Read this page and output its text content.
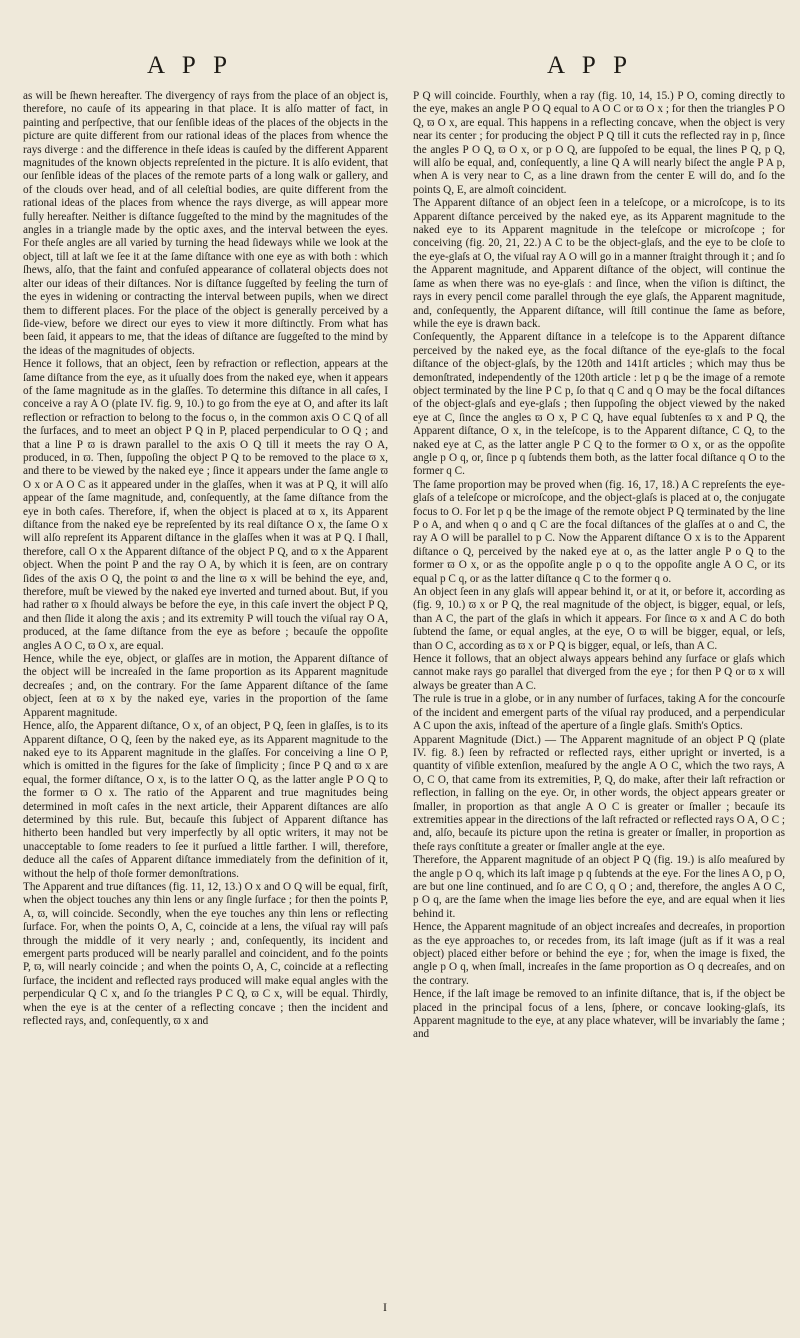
A P P	A P P

as will be ſhewn hereafter. The divergency of rays from the place of an object is, therefore, no cauſe of its appearing in that place. It is alſo matter of fact, in painting and perſpective, that our ſenſible ideas of the places of the objects in the picture are quite different from our rational ideas of the places from whence the rays diverge : and the difference in theſe ideas is cauſed by the different Apparent magnitudes of the known objects repreſented in the picture. It is alſo evident, that our ſenſible ideas of the places of the remote parts of a long walk or gallery, and of the clouds over head, and of all celeſtial bodies, are quite different from the rational ideas of the places from whence the rays diverge, as will appear more fully hereafter. Neither is diſtance ſuggeſted to the mind by the magnitudes of the angles in a triangle made by the optic axes, and the interval between the eyes. For theſe angles are all varied by turning the head ſideways while we look at the object, till at laſt we ſee it at the ſame diſtance with one eye as with both : which ſhews, alſo, that the faint and confuſed appearance of collateral objects does not alter our ideas of their diſtances. Nor is diſtance ſuggeſted by feeling the turn of the eyes in widening or contracting the interval between pupils, when we direct them to different places. For the place of the object is generally perceived by a ſide-view, before we direct our eyes to view it more diſtinctly. From what has been ſaid, it appears to me, that the ideas of diſtance are ſuggeſted to the mind by the ideas of the magnitudes of objects.

Hence it follows, that an object, ſeen by refraction or reflection, appears at the ſame diſtance from the eye, as it uſually does from the naked eye, when it appears of the ſame magnitude as in the glaſſes. To determine this diſtance in all caſes, I conceive a ray A O (plate IV. fig. 9, 10.) to go from the eye at O, and after its laſt reflection or refraction to belong to the focus o, in the common axis O C Q of all the ſurfaces, and to meet an object P Q in P, placed perpendicular to O Q ; and that a line P ϖ is drawn parallel to the axis O Q till it meets the ray O A, produced, in ϖ. Then, ſuppoſing the object P Q to be removed to the place ϖ x, and there to be viewed by the naked eye ; ſince it appears under the ſame angle ϖ O x or A O C as it appeared under in the glaſſes, when it was at P Q, it will alſo appear of the ſame magnitude, and, conſequently, at the ſame diſtance from the eye in both caſes. Therefore, if, when the object is placed at ϖ x, its Apparent diſtance from the naked eye be repreſented by its real diſtance O x, the ſame O x will alſo repreſent its Apparent diſtance in the glaſſes when it was at P Q. I ſhall, therefore, call O x the Apparent diſtance of the object P Q, and ϖ x the Apparent object. When the point P and the ray O A, by which it is ſeen, are on contrary ſides of the axis O Q, the point ϖ and the line ϖ x will be behind the eye, and, therefore, muſt be viewed by the naked eye inverted and turned about. But, if you had rather ϖ x ſhould always be before the eye, in this caſe invert the object P Q, and then ſlide it along the axis ; and its extremity P will touch the viſual ray O A, produced, at the ſame diſtance from the eye as before ; becauſe the oppoſite angles A O C, ϖ O x, are equal.

Hence, while the eye, object, or glaſſes are in motion, the Apparent diſtance of the object will be increaſed in the ſame proportion as its Apparent magnitude decreaſes ; and, on the contrary. For the ſame Apparent diſtance of the ſame object, ſeen at ϖ x by the naked eye, varies in the proportion of the ſame Apparent magnitude.

Hence, alſo, the Apparent diſtance, O x, of an object, P Q, ſeen in glaſſes, is to its Apparent diſtance, O Q, ſeen by the naked eye, as its Apparent magnitude to the naked eye to its Apparent magnitude in the glaſſes. For conceiving a line O P, which is omitted in the figures for the ſake of ſimplicity ; ſince P Q and ϖ x are equal, the former diſtance, O x, is to the latter O Q, as the latter angle P O Q to the former ϖ O x. The ratio of the Apparent and true magnitudes being determined in moſt caſes in the next article, their Apparent diſtances are alſo determined by this rule. But, becauſe this ſubject of Apparent diſtance has hitherto been handled but very imperfectly by all optic writers, it may not be unacceptable to ſome readers to ſee it purſued a little farther. I will, therefore, deduce all the caſes of Apparent diſtance immediately from the definition of it, without the help of thoſe former demonſtrations.

The Apparent and true diſtances (fig. 11, 12, 13.) O x and O Q will be equal, firſt, when the object touches any thin lens or any ſingle ſurface ; for then the points P, A, ϖ, will coincide. Secondly, when the eye touches any thin lens or reflecting ſurface. For, when the points O, A, C, coincide at a lens, the viſual ray will paſs through the middle of it very nearly ; and, conſequently, its incident and emergent parts produced will be nearly parallel and coincident, and fo the points P, ϖ, will nearly coincide ; and when the points O, A, C, coincide at a reflecting ſurface, the incident and reflected rays produced will make equal angles with the perpendicular Q C x, and ſo the triangles P C Q, ϖ C x, will be equal. Thirdly, when the eye is at the center of a reflecting concave ; then the incident and reflected rays, and, conſequently, ϖ x and

P Q will coincide. Fourthly, when a ray (fig. 10, 14, 15.) P O, coming directly to the eye, makes an angle P O Q equal to A O C or ϖ O x ; for then the triangles P O Q, ϖ O x, are equal. This happens in a reflecting concave, when the object is very near its center ; for producing the object P Q till it cuts the reflected ray in p, ſince the angles P O Q, ϖ O x, or p O Q, are ſuppoſed to be equal, the lines P Q, p Q, will alſo be equal, and, conſequently, a line Q A will nearly biſect the angle P A p, when A is very near to C, as a line drawn from the center E will do, and ſo the points Q, E, are almoſt coincident.

The Apparent diſtance of an object ſeen in a teleſcope, or a microſcope, is to its Apparent diſtance perceived by the naked eye, as its Apparent magnitude to the naked eye to its Apparent magnitude in the teleſcope or microſcope ; for conceiving (fig. 20, 21, 22.) A C to be the object-glaſs, and the eye to be cloſe to the eye-glaſs at O, the viſual ray A O will go in a manner ſtraight through it ; and ſo the Apparent magnitude, and Apparent diſtance of the object, will continue the ſame as when there was no eye-glaſs : and ſince, when the viſion is diſtinct, the rays in every pencil come parallel through the eye glaſs, the Apparent magnitude, and, conſequently, the Apparent diſtance, will ſtill continue the ſame as before, while the eye is drawn back.

Conſequently, the Apparent diſtance in a teleſcope is to the Apparent diſtance perceived by the naked eye, as the focal diſtance of the eye-glaſs to the focal diſtance of the object-glaſs, by the 120th and 141ſt articles ; which may thus be demonſtrated, independently of the 120th article : let p q be the image of a remote object terminated by the line P C p, ſo that q C and q O may be the focal diſtances of the object-glaſs and eye-glaſs ; then ſuppoſing the object viewed by the naked eye at C, ſince the angles ϖ O x, P C Q, have equal ſubtenſes ϖ x and P Q, the Apparent diſtance, O x, in the teleſcope, is to the Apparent diſtance, C Q, to the naked eye at C, as the latter angle P C Q to the former ϖ O x, or as the oppoſite angle p O q, or, ſince p q ſubtends them both, as the latter focal diſtance q O to the former q C.

The ſame proportion may be proved when (fig. 16, 17, 18.) A C repreſents the eye-glaſs of a teleſcope or microſcope, and the object-glaſs is placed at o, the conjugate focus to O. For let p q be the image of the remote object P Q terminated by the line P o A, and when q o and q C are the focal diſtances of the glaſſes at o and C, the ray A O will be parallel to p C. Now the Apparent diſtance O x is to the Apparent diſtance o Q, perceived by the naked eye at o, as the latter angle P o Q to the former ϖ O x, or as the oppoſite angle p o q to the oppoſite angle A O C, or its equal p C q, or as the latter diſtance q C to the former q o.

An object ſeen in any glaſs will appear behind it, or at it, or before it, according as (fig. 9, 10.) ϖ x or P Q, the real magnitude of the object, is bigger, equal, or leſs, than A C, the part of the glaſs in which it appears. For ſince ϖ x and A C do both ſubtend the ſame, or equal angles, at the eye, O ϖ will be bigger, equal, or leſs, than O C, according as ϖ x or P Q is bigger, equal, or leſs, than A C.

Hence it follows, that an object always appears behind any ſurface or glaſs which cannot make rays go parallel that diverged from the eye ; for then P Q or ϖ x will always be greater than A C.

The rule is true in a globe, or in any number of ſurfaces, taking A for the concourſe of the incident and emergent parts of the viſual ray produced, and a perpendicular A C upon the axis, inſtead of the aperture of a ſingle glaſs. Smith's Optics.

Apparent Magnitude (Dict.) — The Apparent magnitude of an object P Q (plate IV. fig. 8.) ſeen by refracted or reflected rays, either upright or inverted, is a quantity of viſible extenſion, meaſured by the angle A O C, which the two rays, A O, C O, that came from its extremities, P, Q, do make, after their laſt refraction or reflection, in falling on the eye. Or, in other words, the object appears greater or ſmaller, in proportion as that angle A O C is greater or ſmaller ; becauſe its extremities appear in the directions of the laſt refracted or reflected rays O A, O C ; and, alſo, becauſe its picture upon the retina is greater or ſmaller, in proportion as theſe rays conſtitute a greater or ſmaller angle at the eye.

Therefore, the Apparent magnitude of an object P Q (fig. 19.) is alſo meaſured by the angle p O q, which its laſt image p q ſubtends at the eye. For the lines A O, p O, are but one line continued, and ſo are C O, q O ; and, therefore, the angles A O C, p O q, are the ſame when the image lies before the eye, and are equal when it lies behind it.

Hence, the Apparent magnitude of an object increaſes and decreaſes, in proportion as the eye approaches to, or recedes from, its laſt image (juſt as if it was a real object) placed either before or behind the eye ; for, when the image is fixed, the angle p O q, when ſmall, increaſes in the ſame proportion as O q decreaſes, and on the contrary.

Hence, if the laſt image be removed to an infinite diſtance, that is, if the object be placed in the principal focus of a lens, ſphere, or concave looking-glaſs, its Apparent magnitude to the eye, at any place whatever, will be invariably the ſame ; and

I
